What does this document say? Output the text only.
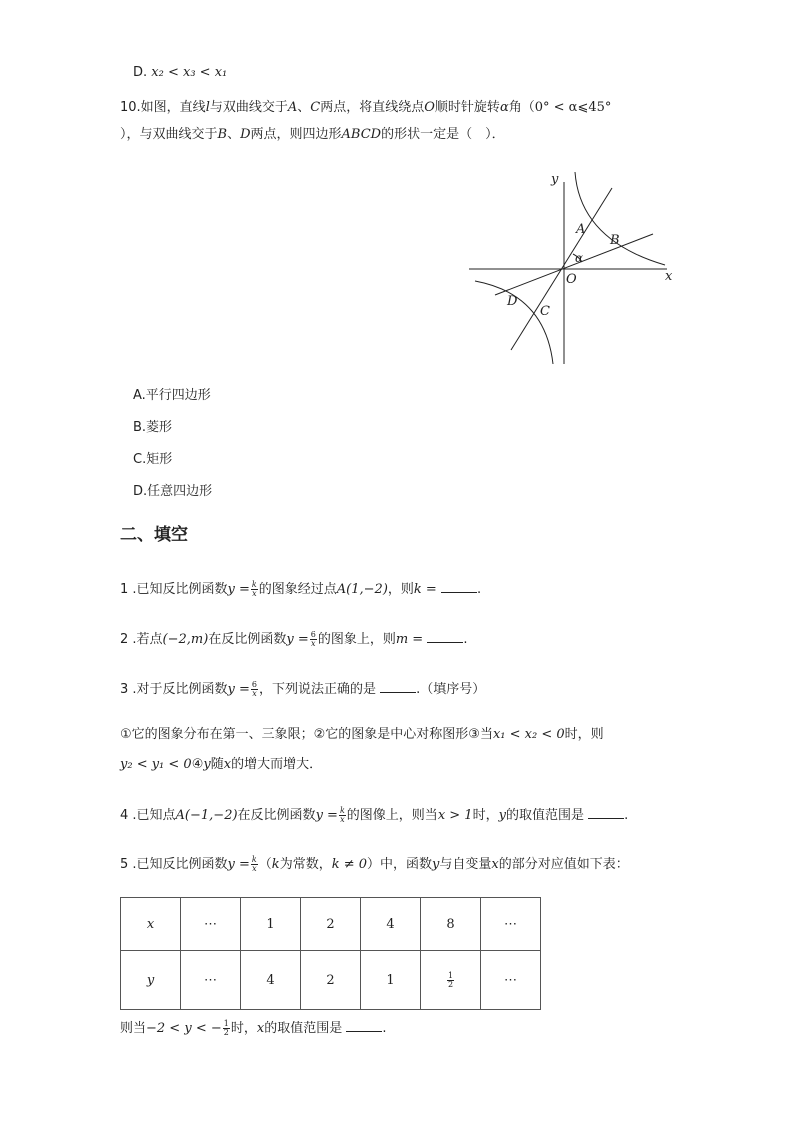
D. x₂ < x₃ < x₁
10.如图，直线l与双曲线交于A、C两点，将直线绕点O顺时针旋转α角（0° < α⩽45°
），与双曲线交于B、D两点，则四边形ABCD的形状一定是（　）．
y
x
O
A
B
C
D
α
A.平行四边形
B.菱形
C.矩形
D.任意四边形
二、填空
1 .已知反比例函数$y = \frac{k}{x}$ 的图象经过点A(1,−2)，则k =	.
2 .若点(−2,m)在反比例函数$y = \frac{6}{x}$ 的图象上，则m =	.
3 .对于反比例函数$y = \frac{6}{x}$ ，下列说法正确的是	.（填序号）
①它的图象分布在第一、三象限；②它的图象是中心对称图形③当x₁ < x₂ < 0时，则
y₂ < y₁ < 0④y随x的增大而增大．
4 .已知点A(−1,−2)在反比例函数$y = \frac{k}{x}$ 的图像上，则当x > 1时，y的取值范围是	.
5 .已知反比例函数$y = \frac{k}{x} (k$为常数，k ≠ 0）中，函数y与自变量x的部分对应值如下表：
x	⋯	1	2	4	8	⋯
y	⋯	4	2	1	$\frac{1}{2}$	⋯
则当−2 < y < − $\frac{1}{2}$ 时，x的取值范围是	.
